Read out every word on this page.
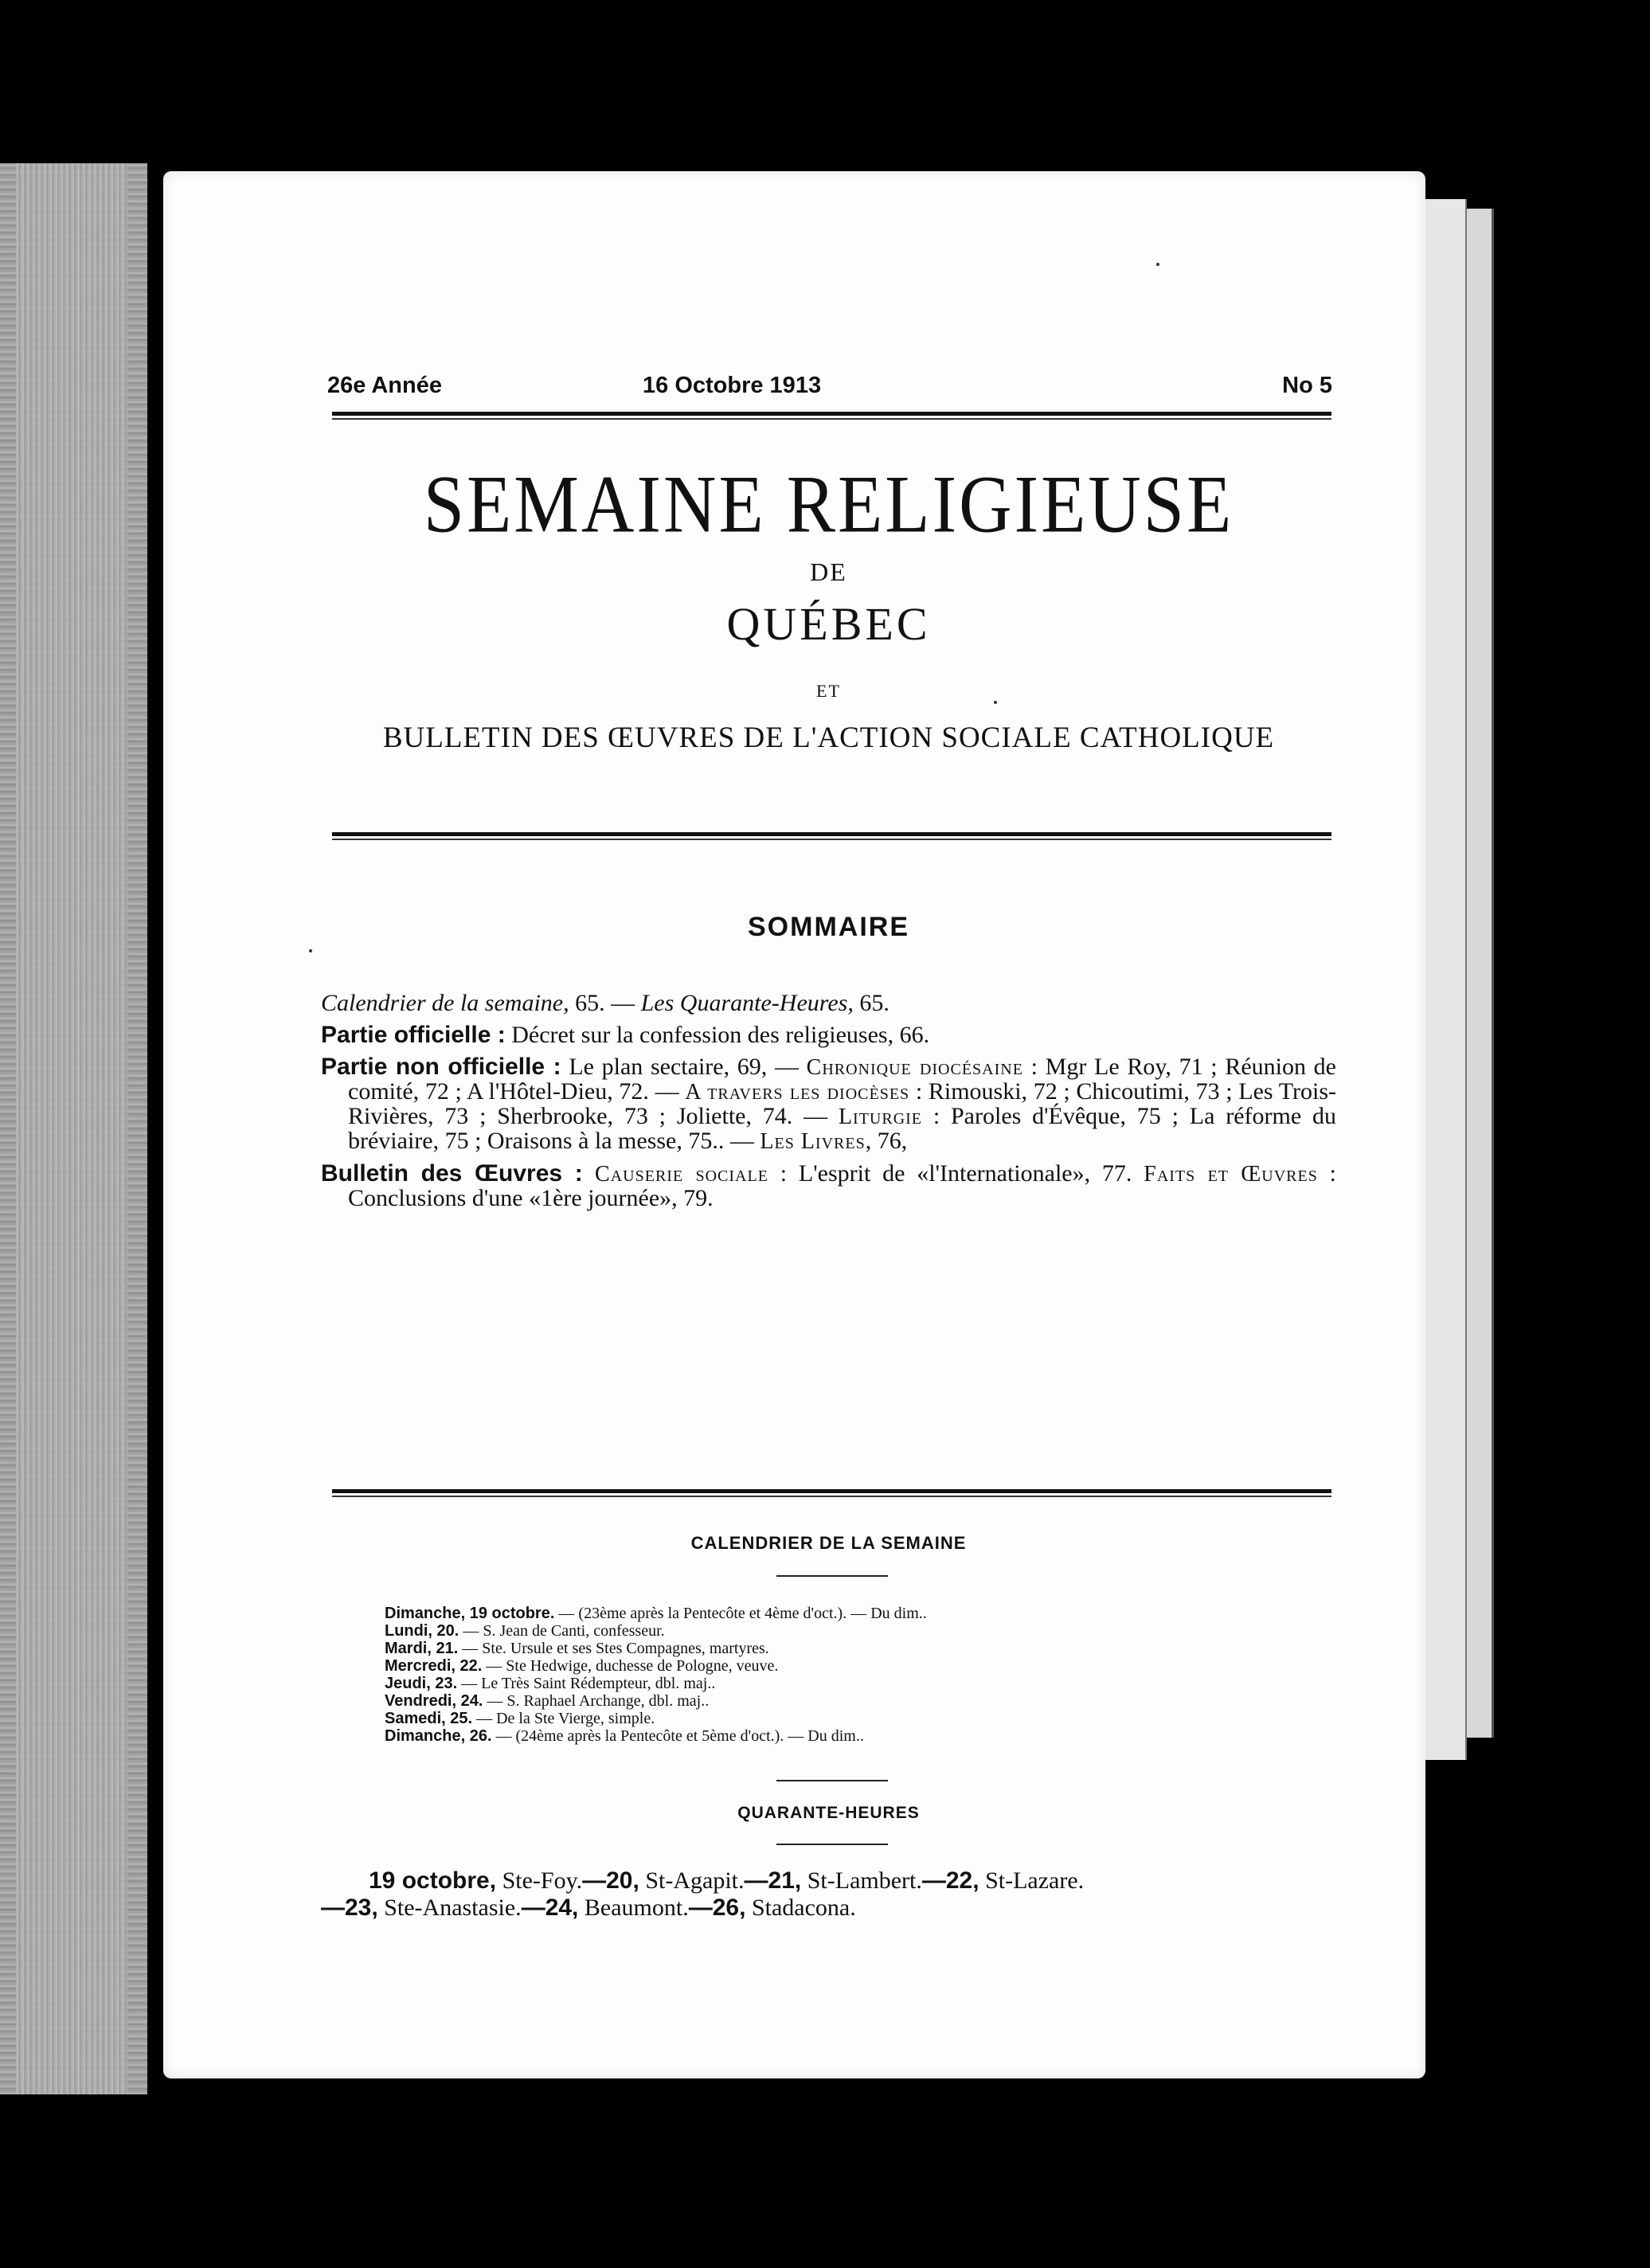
26e Année	16 Octobre 1913	No 5
SEMAINE RELIGIEUSE
DE
QUÉBEC
ET
BULLETIN DES ŒUVRES DE L'ACTION SOCIALE CATHOLIQUE
SOMMAIRE

Calendrier de la semaine, 65. — Les Quarante-Heures, 65.

Partie officielle : Décret sur la confession des religieuses, 66.

Partie non officielle : Le plan sectaire, 69, — Chronique diocésaine : Mgr Le Roy, 71 ; Réunion de comité, 72 ; A l'Hôtel-Dieu, 72. — A travers les diocèses : Rimouski, 72 ; Chicoutimi, 73 ; Les Trois-Rivières, 73 ; Sherbrooke, 73 ; Joliette, 74. — Liturgie : Paroles d'Évêque, 75 ; La réforme du bréviaire, 75 ; Oraisons à la messe, 75.. — Les Livres, 76,

Bulletin des Œuvres : Causerie sociale : L'esprit de «l'Internationale», 77. Faits et Œuvres : Conclusions d'une «1ère journée», 79.

CALENDRIER DE LA SEMAINE
Dimanche, 19 octobre. — (23ème après la Pentecôte et 4ème d'oct.). — Du dim..
Lundi, 20. — S. Jean de Canti, confesseur.
Mardi, 21. — Ste. Ursule et ses Stes Compagnes, martyres.
Mercredi, 22. — Ste Hedwige, duchesse de Pologne, veuve.
Jeudi, 23. — Le Très Saint Rédempteur, dbl. maj..
Vendredi, 24. — S. Raphael Archange, dbl. maj..
Samedi, 25. — De la Ste Vierge, simple.
Dimanche, 26. — (24ème après la Pentecôte et 5ème d'oct.). — Du dim..
QUARANTE-HEURES

19 octobre, Ste-Foy.—20, St-Agapit.—21, St-Lambert.—22, St-Lazare.

—23, Ste-Anastasie.—24, Beaumont.—26, Stadacona.
